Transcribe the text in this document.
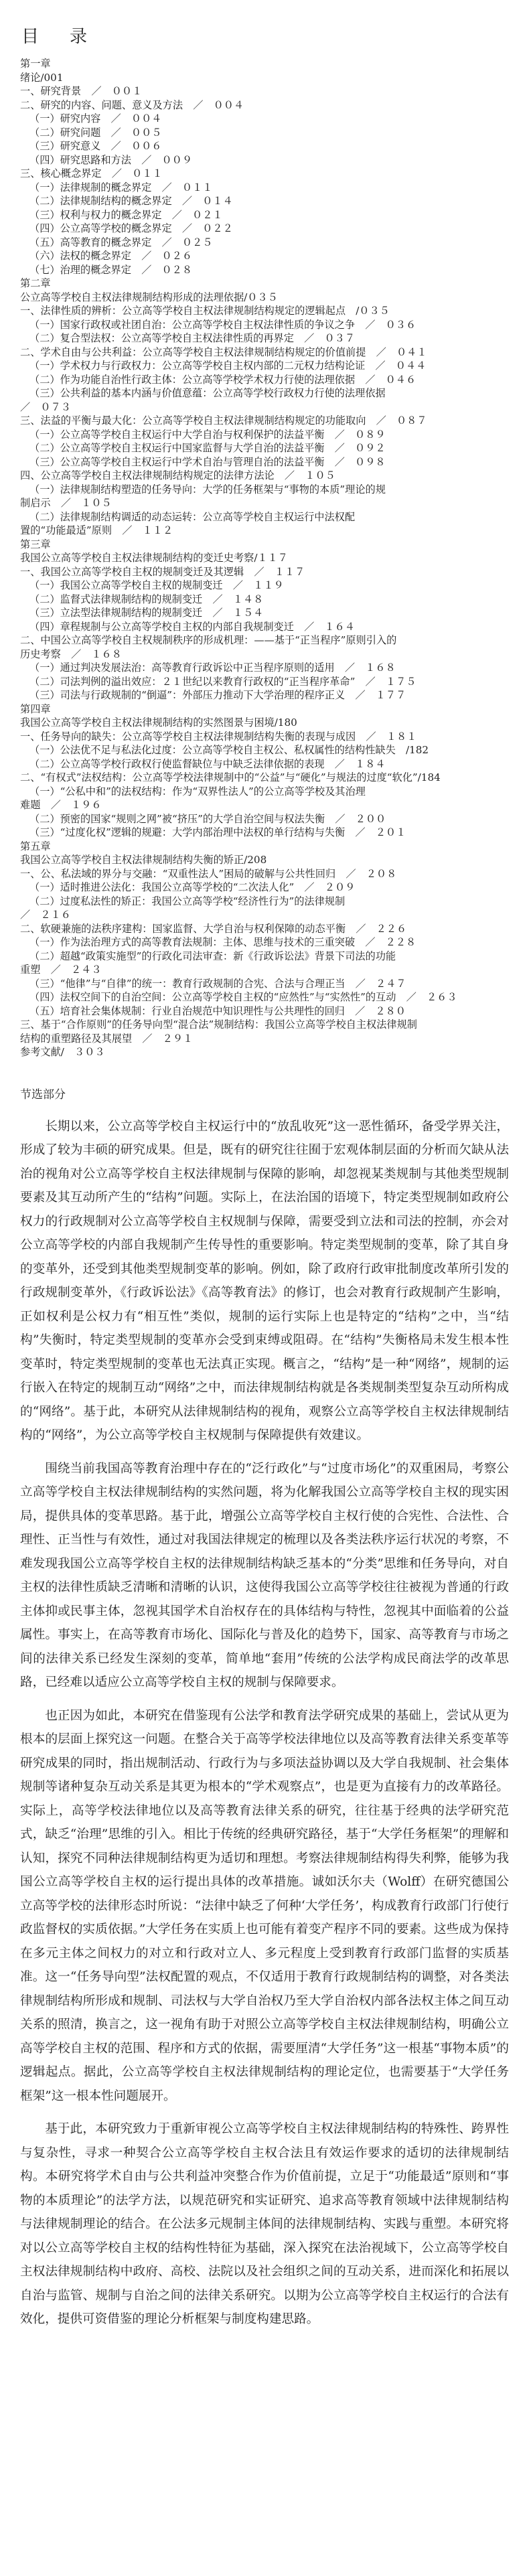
目　录
第一章
绪论/001
一、研究背景　／　００１
二、研究的内容、问题、意义及方法　／　００４
（一）研究内容　／　００４
（二）研究问题　／　００５
（三）研究意义　／　００６
（四）研究思路和方法　／　００９
三、核心概念界定　／　０１１
（一）法律规制的概念界定　／　０１１
（二）法律规制结构的概念界定　／　０１４
（三）权利与权力的概念界定　／　０２１
（四）公立高等学校的概念界定　／　０２２
（五）高等教育的概念界定　／　０２５
（六）法权的概念界定　／　０２６
（七）治理的概念界定　／　０２８
第二章
公立高等学校自主权法律规制结构形成的法理依据/０３５
一、法律性质的辨析：公立高等学校自主权法律规制结构规定的逻辑起点　/０３５
（一）国家行政权或社团自治：公立高等学校自主权法律性质的争议之争　／　０３６
（二）复合型法权：公立高等学校自主权法律性质的再界定　／　０３７
二、学术自由与公共利益：公立高等学校自主权法律规制结构规定的价值前提　／　０４１
（一）学术权力与行政权力：公立高等学校自主权内部的二元权力结构论证　／　０４４
（二）作为功能自治性行政主体：公立高等学校学术权力行使的法理依据　／　０４６
（三）公共利益的基本内涵与价值意蕴：公立高等学校行政权力行使的法理依据
／　０７３
三、法益的平衡与最大化：公立高等学校自主权法律规制结构规定的功能取向　／　０８７
（一）公立高等学校自主权运行中大学自治与权利保护的法益平衡　／　０８９
（二）公立高等学校自主权运行中国家监督与大学自治的法益平衡　／　０９２
（三）公立高等学校自主权运行中学术自治与管理自治的法益平衡　／　０９８
四、公立高等学校自主权法律规制结构规定的法律方法论　／　１０５
（一）法律规制结构塑造的任务导向：大学的任务框架与“事物的本质”理论的规
制启示　／　１０５
（二）法律规制结构调适的动态运转：公立高等学校自主权运行中法权配
置的“功能最适”原则　／　１１２
第三章
我国公立高等学校自主权法律规制结构的变迁史考察/１１７
一、我国公立高等学校自主权的规制变迁及其逻辑　／　１１７
（一）我国公立高等学校自主权的规制变迁　／　１１９
（二）监督式法律规制结构的规制变迁　／　１４８
（三）立法型法律规制结构的规制变迁　／　１５４
（四）章程规制与公立高等学校自主权的内部自我规制变迁　／　１６４
二、中国公立高等学校自主权规制秩序的形成机理：——基于“正当程序”原则引入的
历史考察　／　１６８
（一）通过判决发展法治：高等教育行政诉讼中正当程序原则的适用　／　１６８
（二）司法判例的溢出效应：２１世纪以来教育行政权的“正当程序革命”　／　１７５
（三）司法与行政规制的“倒逼”：外部压力推动下大学治理的程序正义　／　１７７
第四章
我国公立高等学校自主权法律规制结构的实然图景与困境/180
一、任务导向的缺失：公立高等学校自主权法律规制结构失衡的表现与成因　／　１８１
（一）公法优不足与私法化过度：公立高等学校自主权公、私权属性的结构性缺失　/182
（二）公立高等学校行政权行使监督缺位与中缺乏法律依据的表现　／　１８４
二、“有权式”法权结构：公立高等学校法律规制中的“公益”与“硬化”与规法的过度“软化”/184
（一）“公私中和”的法权结构：作为“双界性法人”的公立高等学校及其治理
难题　／　１９６
（二）预密的国家“规则之网”被“挤压”的大学自治空间与权法失衡　／　２００
（三）“过度化权”逻辑的规避：大学内部治理中法权的单行结构与失衡　／　２０１
第五章
我国公立高等学校自主权法律规制结构失衡的矫正/208
一、公、私法域的界分与交融：“双重性法人”困局的破解与公共性回归　／　２０８
（一）适时推进公法化：我国公立高等学校的“二次法人化”　／　２０９
（二）过度私法性的矫正：我国公立高等学校“经济性行为”的法律规制
／　２１６
二、软硬兼施的法秩序建构：国家监督、大学自治与权利保障的动态平衡　／　２２６
（一）作为法治理方式的高等教育法规制：主体、思维与技术的三重突破　／　２２８
（二）超越“政策实施型”的行政化司法审查：新《行政诉讼法》背景下司法的功能
重塑　／　２４３
（三）“他律”与“自律”的统一：教育行政规制的合宪、合法与合理正当　／　２４７
（四）法权空间下的自治空间：公立高等学校自主权的“应然性”与“实然性”的互动　／　２６３
（五）培育社会集体规制：行业自治规范中知识理性与公共理性的回归　／　２８０
三、基于“合作原则”的任务导向型“混合法”规制结构：我国公立高等学校自主权法律规制
结构的重塑路径及其展望　／　２９１
参考文献/　３０３
节选部分

长期以来，公立高等学校自主权运行中的“放乱收死”这一恶性循环，备受学界关注，形成了较为丰硕的研究成果。但是，既有的研究往往囿于宏观体制层面的分析而欠缺从法治的视角对公立高等学校自主权法律规制与保障的影响，却忽视某类规制与其他类型规制要素及其互动所产生的“结构”问题。实际上，在法治国的语境下，特定类型规制如政府公权力的行政规制对公立高等学校自主权规制与保障，需要受到立法和司法的控制，亦会对公立高等学校的内部自我规制产生传导性的重要影响。特定类型规制的变革，除了其自身的变革外，还受到其他类型规制变革的影响。例如，除了政府行政审批制度改革所引发的行政规制变革外，《行政诉讼法》《高等教育法》的修订，也会对教育行政规制产生影响，正如权利是公权力有“相互性”类似，规制的运行实际上也是特定的“结构”之中，当“结构”失衡时，特定类型规制的变革亦会受到束缚或阻碍。在“结构”失衡格局未发生根本性变革时，特定类型规制的变革也无法真正实现。概言之，“结构”是一种“网络”，规制的运行嵌入在特定的规制互动“网络”之中，而法律规制结构就是各类规制类型复杂互动所构成的“网络”。基于此，本研究从法律规制结构的视角，观察公立高等学校自主权法律规制结构的“网络”，为公立高等学校自主权规制与保障提供有效建议。

围绕当前我国高等教育治理中存在的“泛行政化”与“过度市场化”的双重困局，考察公立高等学校自主权法律规制结构的实然问题，将为化解我国公立高等学校自主权的现实困局，提供具体的变革思路。基于此，增强公立高等学校自主权行使的合宪性、合法性、合理性、正当性与有效性，通过对我国法律规定的梳理以及各类法秩序运行状况的考察，不难发现我国公立高等学校自主权的法律规制结构缺乏基本的“分类”思维和任务导向，对自主权的法律性质缺乏清晰和清晰的认识，这使得我国公立高等学校往往被视为普通的行政主体抑或民事主体，忽视其国学术自治权存在的具体结构与特性，忽视其中面临着的公益属性。事实上，在高等教育市场化、国际化与普及化的趋势下，国家、高等教育与市场之间的法律关系已经发生深刻的变革，简单地“套用”传统的公法学构成民商法学的改革思路，已经难以适应公立高等学校自主权的规制与保障要求。

也正因为如此，本研究在借鉴现有公法学和教育法学研究成果的基础上，尝试从更为根本的层面上探究这一问题。在整合关于高等学校法律地位以及高等教育法律关系变革等研究成果的同时，指出规制活动、行政行为与多项法益协调以及大学自我规制、社会集体规制等诸种复杂互动关系是其更为根本的“学术观察点”，也是更为直接有力的改革路径。实际上，高等学校法律地位以及高等教育法律关系的研究，往往基于经典的法学研究范式，缺乏“治理”思维的引入。相比于传统的经典研究路径，基于“大学任务框架”的理解和认知，探究不同种法律规制结构更为适切和理想。考察法律规制结构得失利弊，能够为我国公立高等学校自主权的运行提出具体的改革措施。诚如沃尔夫（Wolff）在研究德国公立高等学校的法律形态时所说：“法律中缺乏了何种‘大学任务’，构成教育行政部门行使行政监督权的实质依据。”大学任务在实质上也可能有着变产程序不同的要素。这些成为保持在多元主体之间权力的对立和行政对立人、多元程度上受到教育行政部门监督的实质基准。这一“任务导向型”法权配置的观点，不仅适用于教育行政规制结构的调整，对各类法律规制结构所形成和规制、司法权与大学自治权乃至大学自治权内部各法权主体之间互动 关系的照清，换言之，这一视角有助于对照公立高等学校自主权法律规制结构，明确公立高等学校自主权的范围、程序和方式的依据，需要厘清“大学任务”这一根基“事物本质”的逻辑起点。据此，公立高等学校自主权法律规制结构的理论定位，也需要基于“大学任务框架”这一根本性问题展开。

基于此，本研究致力于重新审视公立高等学校自主权法律规制结构的特殊性、跨界性与复杂性，寻求一种契合公立高等学校自主权合法且有效运作要求的适切的法律规制结构。本研究将学术自由与公共利益冲突整合作为价值前提，立足于“功能最适”原则和“事物的本质理论”的法学方法，以规范研究和实证研究、追求高等教育领域中法律规制结构与法律规制理论的结合。在公法多元规制主体间的法律规制结构、实践与重塑。本研究将对以公立高等学校自主权的结构性特征为基础，深入探究在法治视域下，公立高等学校自主权法律规制结构中政府、高校、法院以及社会组织之间的互动关系，进而深化和拓展以自治与监管、规制与自治之间的法律关系研究。以期为公立高等学校自主权运行的合法有效化，提供可资借鉴的理论分析框架与制度构建思路。
